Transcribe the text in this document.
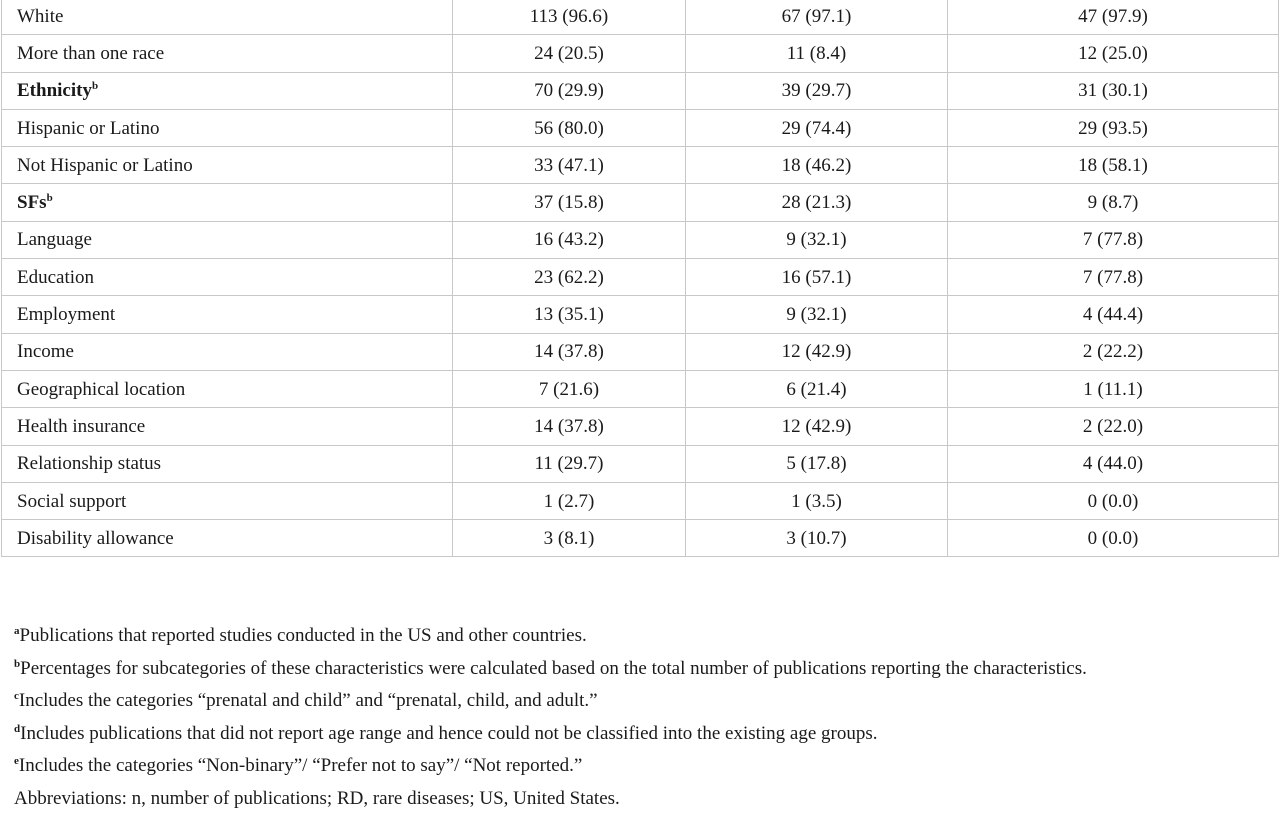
White	113 (96.6)	67 (97.1)	47 (97.9)
More than one race	24 (20.5)	11 (8.4)	12 (25.0)
Ethnicity$^b$	70 (29.9)	39 (29.7)	31 (30.1)
Hispanic or Latino	56 (80.0)	29 (74.4)	29 (93.5)
Not Hispanic or Latino	33 (47.1)	18 (46.2)	18 (58.1)
SFs$^b$	37 (15.8)	28 (21.3)	9 (8.7)
Language	16 (43.2)	9 (32.1)	7 (77.8)
Education	23 (62.2)	16 (57.1)	7 (77.8)
Employment	13 (35.1)	9 (32.1)	4 (44.4)
Income	14 (37.8)	12 (42.9)	2 (22.2)
Geographical location	7 (21.6)	6 (21.4)	1 (11.1)
Health insurance	14 (37.8)	12 (42.9)	2 (22.0)
Relationship status	11 (29.7)	5 (17.8)	4 (44.0)
Social support	1 (2.7)	1 (3.5)	0 (0.0)
Disability allowance	3 (8.1)	3 (10.7)	0 (0.0)
$^a$Publications that reported studies conducted in the US and other countries.
$^b$Percentages for subcategories of these characteristics were calculated based on the total number of publications reporting the characteristics.
$^c$Includes the categories “prenatal and child” and “prenatal, child, and adult.”
$^d$Includes publications that did not report age range and hence could not be classified into the existing age groups.
$^e$Includes the categories “Non-binary”/ “Prefer not to say”/ “Not reported.”
Abbreviations: n, number of publications; RD, rare diseases; US, United States.
